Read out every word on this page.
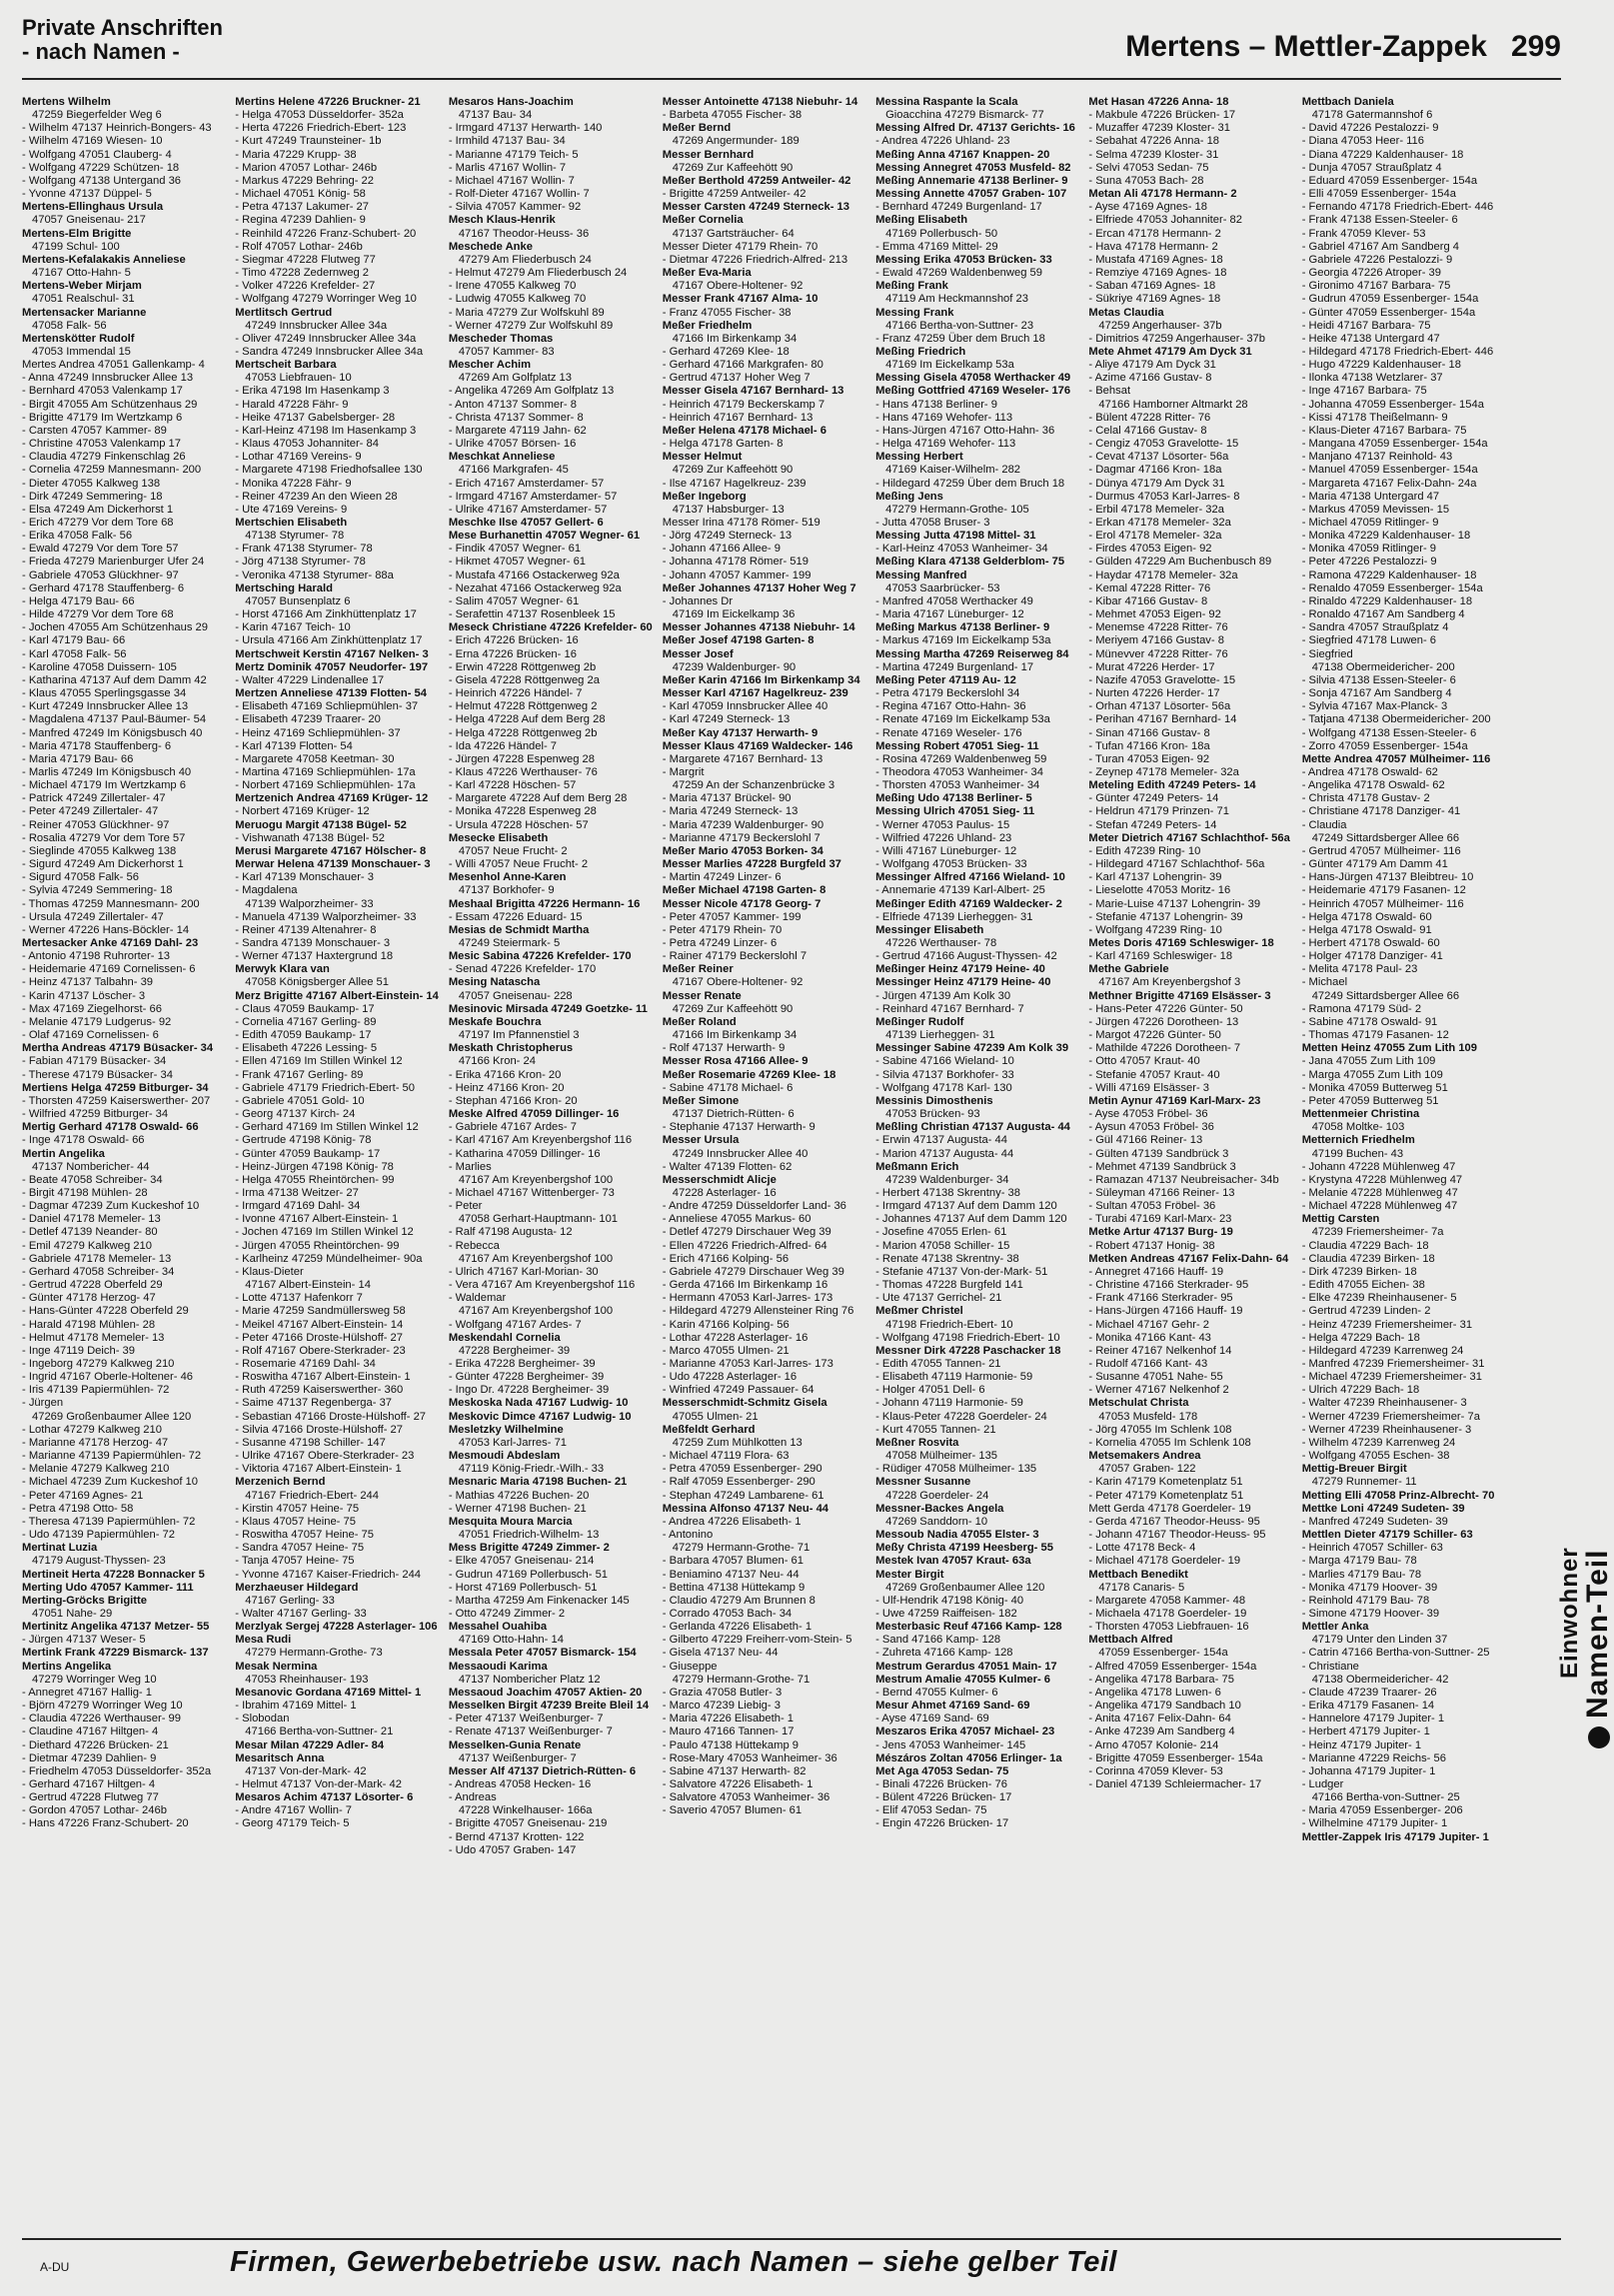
Private Anschriften
- nach Namen -	Mertens – Mettler-Zappek 299
Mertens Wilhelm
47259 Biegerfelder Weg 6
- Wilhelm 47137 Heinrich-Bongers- 43
- Wilhelm 47169 Wiesen- 10
- Wolfgang 47051 Clauberg- 4
- Wolfgang 47229 Schützen- 18
- Wolfgang 47138 Untergand 36
- Yvonne 47137 Düppel- 5
Mertens-Ellinghaus Ursula
47057 Gneisenau- 217
Mertens-Elm Brigitte
47199 Schul- 100
Mertens-Kefalakakis Anneliese
47167 Otto-Hahn- 5
Mertens-Weber Mirjam
47051 Realschul- 31
Mertensacker Marianne
47058 Falk- 56
Mertenskötter Rudolf
47053 Immendal 15
Mertes Andrea 47051 Gallenkamp- 4
- Anna 47249 Innsbrucker Allee 13
- Bernhard 47053 Valenkamp 17
- Birgit 47055 Am Schützenhaus 29
- Brigitte 47179 Im Wertzkamp 6
- Carsten 47057 Kammer- 89
- Christine 47053 Valenkamp 17
- Claudia 47279 Finkenschlag 26
- Cornelia 47259 Mannesmann- 200
- Dieter 47055 Kalkweg 138
- Dirk 47249 Semmering- 18
- Elsa 47249 Am Dickerhorst 1
- Erich 47279 Vor dem Tore 68
- Erika 47058 Falk- 56
- Ewald 47279 Vor dem Tore 57
- Frieda 47279 Marienburger Ufer 24
- Gabriele 47053 Glückhner- 97
- Gerhard 47178 Stauffenberg- 6
- Helga 47179 Bau- 66
- Hilde 47279 Vor dem Tore 68
- Jochen 47055 Am Schützenhaus 29
- Karl 47179 Bau- 66
- Karl 47058 Falk- 56
- Karoline 47058 Duissern- 105
- Katharina 47137 Auf dem Damm 42
- Klaus 47055 Sperlingsgasse 34
- Kurt 47249 Innsbrucker Allee 13
- Magdalena 47137 Paul-Bäumer- 54
- Manfred 47249 Im Königsbusch 40
- Maria 47178 Stauffenberg- 6
- Maria 47179 Bau- 66
- Marlis 47249 Im Königsbusch 40
- Michael 47179 Im Wertzkamp 6
- Patrick 47249 Zillertaler- 47
- Peter 47249 Zillertaler- 47
- Reiner 47053 Glückhner- 97
- Rosalia 47279 Vor dem Tore 57
- Sieglinde 47055 Kalkweg 138
- Sigurd 47249 Am Dickerhorst 1
- Sigurd 47058 Falk- 56
- Sylvia 47249 Semmering- 18
- Thomas 47259 Mannesmann- 200
- Ursula 47249 Zillertaler- 47
- Werner 47226 Hans-Böckler- 14
Mertesacker Anke 47169 Dahl- 23
- Antonio 47198 Ruhrorter- 13
- Heidemarie 47169 Cornelissen- 6
- Heinz 47137 Talbahn- 39
- Karin 47137 Löscher- 3
- Max 47169 Ziegelhorst- 66
- Melanie 47179 Ludgerus- 92
- Olaf 47169 Cornelissen- 6
Mertha Andreas 47179 Büsacker- 34
- Fabian 47179 Büsacker- 34
- Therese 47179 Büsacker- 34
Mertiens Helga 47259 Bitburger- 34
- Thorsten 47259 Kaiserswerther- 207
- Wilfried 47259 Bitburger- 34
Mertig Gerhard 47178 Oswald- 66
- Inge 47178 Oswald- 66
Mertin Angelika
47137 Nombericher- 44
- Beate 47058 Schreiber- 34
- Birgit 47198 Mühlen- 28
- Dagmar 47239 Zum Kuckeshof 10
- Daniel 47178 Memeler- 13
- Detlef 47139 Neander- 80
- Emil 47279 Kalkweg 210
- Gabriele 47178 Memeler- 13
- Gerhard 47058 Schreiber- 34
- Gertrud 47228 Oberfeld 29
- Günter 47178 Herzog- 47
- Hans-Günter 47228 Oberfeld 29
- Harald 47198 Mühlen- 28
- Helmut 47178 Memeler- 13
- Inge 47119 Deich- 39
- Ingeborg 47279 Kalkweg 210
- Ingrid 47167 Oberle-Holtener- 46
- Iris 47139 Papiermühlen- 72
- Jürgen
47269 Großenbaumer Allee 120
- Lothar 47279 Kalkweg 210
- Marianne 47178 Herzog- 47
- Marianne 47139 Papiermühlen- 72
- Melanie 47279 Kalkweg 210
- Michael 47239 Zum Kuckeshof 10
- Peter 47169 Agnes- 21
- Petra 47198 Otto- 58
- Theresa 47139 Papiermühlen- 72
- Udo 47139 Papiermühlen- 72
Mertinat Luzia
47179 August-Thyssen- 23
Mertineit Herta 47228 Bonnacker 5
Merting Udo 47057 Kammer- 111
Merting-Gröcks Brigitte
47051 Nahe- 29
Mertinitz Angelika 47137 Metzer- 55
- Jürgen 47137 Weser- 5
Mertink Frank 47229 Bismarck- 137
Mertins Angelika
47279 Worringer Weg 10
- Annegret 47167 Hallig- 1
- Björn 47279 Worringer Weg 10
- Claudia 47226 Werthauser- 99
- Claudine 47167 Hiltgen- 4
- Diethard 47226 Brücken- 21
- Dietmar 47239 Dahlien- 9
- Friedhelm 47053 Düsseldorfer- 352a
- Gerhard 47167 Hiltgen- 4
- Gertrud 47228 Flutweg 77
- Gordon 47057 Lothar- 246b
- Hans 47226 Franz-Schubert- 20
Mertins Helene 47226 Bruckner- 21
- Helga 47053 Düsseldorfer- 352a
- Herta 47226 Friedrich-Ebert- 123
- Kurt 47249 Traunsteiner- 1b
- Maria 47229 Krupp- 38
- Marion 47057 Lothar- 246b
- Markus 47229 Behring- 22
- Michael 47051 König- 58
- Petra 47137 Lakumer- 27
- Regina 47239 Dahlien- 9
- Reinhild 47226 Franz-Schubert- 20
- Rolf 47057 Lothar- 246b
- Siegmar 47228 Flutweg 77
- Timo 47228 Zedernweg 2
- Volker 47226 Krefelder- 27
- Wolfgang 47279 Worringer Weg 10
Mertlitsch Gertrud
47249 Innsbrucker Allee 34a
- Oliver 47249 Innsbrucker Allee 34a
- Sandra 47249 Innsbrucker Allee 34a
Mertscheit Barbara
47053 Liebfrauen- 10
- Erika 47198 Im Hasenkamp 3
- Harald 47228 Fähr- 9
- Heike 47137 Gabelsberger- 28
- Karl-Heinz 47198 Im Hasenkamp 3
- Klaus 47053 Johanniter- 84
- Lothar 47169 Vereins- 9
- Margarete 47198 Friedhofsallee 130
- Monika 47228 Fähr- 9
- Reiner 47239 An den Wieen 28
- Ute 47169 Vereins- 9
Mertschien Elisabeth
47138 Styrumer- 78
- Frank 47138 Styrumer- 78
- Jörg 47138 Styrumer- 78
- Veronika 47138 Styrumer- 88a
Mertsching Harald
47057 Bunsenplatz 6
- Horst 47166 Am Zinkhüttenplatz 17
- Karin 47167 Teich- 10
- Ursula 47166 Am Zinkhüttenplatz 17
Mertschweit Kerstin 47167 Nelken- 3
Mertz Dominik 47057 Neudorfer- 197
- Walter 47229 Lindenallee 17
Mertzen Anneliese 47139 Flotten- 54
- Elisabeth 47169 Schliepmühlen- 37
- Elisabeth 47239 Traarer- 20
- Heinz 47169 Schliepmühlen- 37
- Karl 47139 Flotten- 54
- Margarete 47058 Keetman- 30
- Martina 47169 Schliepmühlen- 17a
- Norbert 47169 Schliepmühlen- 17a
Mertzenich Andrea 47169 Krüger- 12
- Norbert 47169 Krüger- 12
Meruogu Margit 47138 Bügel- 52
- Vishwanath 47138 Bügel- 52
Merusi Margarete 47167 Hölscher- 8
Merwar Helena 47139 Monschauer- 3
- Karl 47139 Monschauer- 3
- Magdalena
47139 Walporzheimer- 33
- Manuela 47139 Walporzheimer- 33
- Reiner 47139 Altenahrer- 8
- Sandra 47139 Monschauer- 3
- Werner 47137 Haxtergrund 18
Merwyk Klara van
47058 Königsberger Allee 51
Merz Brigitte 47167 Albert-Einstein- 14
- Claus 47059 Baukamp- 17
- Cornelia 47167 Gerling- 89
- Edith 47059 Baukamp- 17
- Elisabeth 47226 Lessing- 5
- Ellen 47169 Im Stillen Winkel 12
- Frank 47167 Gerling- 89
- Gabriele 47179 Friedrich-Ebert- 50
- Gabriele 47051 Gold- 10
- Georg 47137 Kirch- 24
- Gerhard 47169 Im Stillen Winkel 12
- Gertrude 47198 König- 78
- Günter 47059 Baukamp- 17
- Heinz-Jürgen 47198 König- 78
- Helga 47055 Rheintörchen- 99
- Irma 47138 Weitzer- 27
- Irmgard 47169 Dahl- 34
- Ivonne 47167 Albert-Einstein- 1
- Jochen 47169 Im Stillen Winkel 12
- Jürgen 47055 Rheintörchen- 99
- Karlheinz 47259 Mündelheimer- 90a
- Klaus-Dieter
47167 Albert-Einstein- 14
- Lotte 47137 Hafenkorr 7
- Marie 47259 Sandmüllersweg 58
- Meikel 47167 Albert-Einstein- 14
- Peter 47166 Droste-Hülshoff- 27
- Rolf 47167 Obere-Sterkrader- 23
- Rosemarie 47169 Dahl- 34
- Roswitha 47167 Albert-Einstein- 1
- Ruth 47259 Kaiserswerther- 360
- Saime 47137 Regenberga- 37
- Sebastian 47166 Droste-Hülshoff- 27
- Silvia 47166 Droste-Hülshoff- 27
- Susanne 47198 Schiller- 147
- Ulrike 47167 Obere-Sterkrader- 23
- Viktoria 47167 Albert-Einstein- 1
Merzenich Bernd
47167 Friedrich-Ebert- 244
- Kirstin 47057 Heine- 75
- Klaus 47057 Heine- 75
- Roswitha 47057 Heine- 75
- Sandra 47057 Heine- 75
- Tanja 47057 Heine- 75
- Yvonne 47167 Kaiser-Friedrich- 244
Merzhaeuser Hildegard
47167 Gerling- 33
- Walter 47167 Gerling- 33
Merzlyak Sergej 47228 Asterlager- 106
Mesa Rudi
47279 Hermann-Grothe- 73
Mesak Nermina
47053 Rheinhauser- 193
Mesanovic Gordana 47169 Mittel- 1
- Ibrahim 47169 Mittel- 1
- Slobodan
47166 Bertha-von-Suttner- 21
Mesar Milan 47229 Adler- 84
Mesaritsch Anna
47137 Von-der-Mark- 42
- Helmut 47137 Von-der-Mark- 42
Mesaros Achim 47137 Lösorter- 6
- Andre 47167 Wollin- 7
- Georg 47179 Teich- 5
Mesaros Hans-Joachim
47137 Bau- 34
- Irmgard 47137 Herwarth- 140
- Irmhild 47137 Bau- 34
- Marianne 47179 Teich- 5
- Marlis 47167 Wollin- 7
- Michael 47167 Wollin- 7
- Rolf-Dieter 47167 Wollin- 7
- Silvia 47057 Kammer- 92
Mesch Klaus-Henrik
47167 Theodor-Heuss- 36
Meschede Anke
47279 Am Fliederbusch 24
- Helmut 47279 Am Fliederbusch 24
- Irene 47055 Kalkweg 70
- Ludwig 47055 Kalkweg 70
- Maria 47279 Zur Wolfskuhl 89
- Werner 47279 Zur Wolfskuhl 89
Mescheder Thomas
47057 Kammer- 83
Mescher Achim
47269 Am Golfplatz 13
- Angelika 47269 Am Golfplatz 13
- Anton 47137 Sommer- 8
- Christa 47137 Sommer- 8
- Margarete 47119 Jahn- 62
- Ulrike 47057 Börsen- 16
Meschkat Anneliese
47166 Markgrafen- 45
- Erich 47167 Amsterdamer- 57
- Irmgard 47167 Amsterdamer- 57
- Ulrike 47167 Amsterdamer- 57
Meschke Ilse 47057 Gellert- 6
Mese Burhanettin 47057 Wegner- 61
- Findik 47057 Wegner- 61
- Hikmet 47057 Wegner- 61
- Mustafa 47166 Ostackerweg 92a
- Nezahat 47166 Ostackerweg 92a
- Salim 47057 Wegner- 61
- Serafettin 47137 Rosenbleek 15
Meseck Christiane 47226 Krefelder- 60
- Erich 47226 Brücken- 16
- Erna 47226 Brücken- 16
- Erwin 47228 Röttgenweg 2b
- Gisela 47228 Röttgenweg 2a
- Heinrich 47226 Händel- 7
- Helmut 47228 Röttgenweg 2
- Helga 47228 Auf dem Berg 28
- Helga 47228 Röttgenweg 2b
- Ida 47226 Händel- 7
- Jürgen 47228 Espenweg 28
- Klaus 47226 Werthauser- 76
- Karl 47228 Höschen- 57
- Margarete 47228 Auf dem Berg 28
- Monika 47228 Espenweg 28
- Ursula 47228 Höschen- 57
Mesecke Elisabeth
47057 Neue Frucht- 2
- Willi 47057 Neue Frucht- 2
Mesenhol Anne-Karen
47137 Borkhofer- 9
Meshaal Brigitta 47226 Hermann- 16
- Essam 47226 Eduard- 15
Mesias de Schmidt Martha
47249 Steiermark- 5
Mesic Sabina 47226 Krefelder- 170
- Senad 47226 Krefelder- 170
Mesing Natascha
47057 Gneisenau- 228
Mesinovic Mirsada 47249 Goetzke- 11
Meskafe Bouchra
47197 Im Pfannenstiel 3
Meskath Christopherus
47166 Kron- 24
- Erika 47166 Kron- 20
- Heinz 47166 Kron- 20
- Stephan 47166 Kron- 20
Meske Alfred 47059 Dillinger- 16
- Gabriele 47167 Ardes- 7
- Karl 47167 Am Kreyenbergshof 116
- Katharina 47059 Dillinger- 16
- Marlies
47167 Am Kreyenbergshof 100
- Michael 47167 Wittenberger- 73
- Peter
47058 Gerhart-Hauptmann- 101
- Ralf 47198 Augusta- 12
- Rebecca
47167 Am Kreyenbergshof 100
- Ulrich 47167 Karl-Morian- 30
- Vera 47167 Am Kreyenbergshof 116
- Waldemar
47167 Am Kreyenbergshof 100
- Wolfgang 47167 Ardes- 7
Meskendahl Cornelia
47228 Bergheimer- 39
- Erika 47228 Bergheimer- 39
- Günter 47228 Bergheimer- 39
- Ingo Dr. 47228 Bergheimer- 39
Meskoska Nada 47167 Ludwig- 10
Meskovic Dimce 47167 Ludwig- 10
Mesletzky Wilhelmine
47053 Karl-Jarres- 71
Mesmoudi Abdeslam
47119 König-Friedr.-Wilh.- 33
Mesnaric Maria 47198 Buchen- 21
- Mathias 47226 Buchen- 20
- Werner 47198 Buchen- 21
Mesquita Moura Marcia
47051 Friedrich-Wilhelm- 13
Mess Brigitte 47249 Zimmer- 2
- Elke 47057 Gneisenau- 214
- Gudrun 47169 Pollerbusch- 51
- Horst 47169 Pollerbusch- 51
- Martha 47259 Am Finkenacker 145
- Otto 47249 Zimmer- 2
Messahel Ouahiba
47169 Otto-Hahn- 14
Messala Peter 47057 Bismarck- 154
Messaoudi Karima
47137 Nombericher Platz 12
Messaoud Joachim 47057 Aktien- 20
Messelken Birgit 47239 Breite Bleil 14
- Peter 47137 Weißenburger- 7
- Renate 47137 Weißenburger- 7
Messelken-Gunia Renate
47137 Weißenburger- 7
Messer Alf 47137 Dietrich-Rütten- 6
- Andreas 47058 Hecken- 16
- Andreas
47228 Winkelhauser- 166a
- Brigitte 47057 Gneisenau- 219
- Bernd 47137 Krotten- 122
- Udo 47057 Graben- 147
Messer Antoinette 47138 Niebuhr- 14
- Barbeta 47055 Fischer- 38
Meßer Bernd
47269 Angermunder- 189
Messer Bernhard
47269 Zur Kaffeehött 90
Meßer Berthold 47259 Antweiler- 42
- Brigitte 47259 Antweiler- 42
Messer Carsten 47249 Sterneck- 13
Meßer Cornelia
47137 Gartsträucher- 64
Messer Dieter 47179 Rhein- 70
- Dietmar 47226 Friedrich-Alfred- 213
Meßer Eva-Maria
47167 Obere-Holtener- 92
Messer Frank 47167 Alma- 10
- Franz 47055 Fischer- 38
Meßer Friedhelm
47166 Im Birkenkamp 34
- Gerhard 47269 Klee- 18
- Gerhard 47166 Markgrafen- 80
- Gertrud 47137 Hoher Weg 7
Messer Gisela 47167 Bernhard- 13
- Heinrich 47179 Beckerskamp 7
- Heinrich 47167 Bernhard- 13
Meßer Helena 47178 Michael- 6
- Helga 47178 Garten- 8
Messer Helmut
47269 Zur Kaffeehött 90
- Ilse 47167 Hagelkreuz- 239
Meßer Ingeborg
47137 Habsburger- 13
Messer Irina 47178 Römer- 519
- Jörg 47249 Sterneck- 13
- Johann 47166 Allee- 9
- Johanna 47178 Römer- 519
- Johann 47057 Kammer- 199
Meßer Johannes 47137 Hoher Weg 7
- Johannes Dr
47169 Im Eickelkamp 36
Messer Johannes 47138 Niebuhr- 14
Meßer Josef 47198 Garten- 8
Messer Josef
47239 Waldenburger- 90
Meßer Karin 47166 Im Birkenkamp 34
Messer Karl 47167 Hagelkreuz- 239
- Karl 47059 Innsbrucker Allee 40
- Karl 47249 Sterneck- 13
Meßer Kay 47137 Herwarth- 9
Messer Klaus 47169 Waldecker- 146
- Margarete 47167 Bernhard- 13
- Margrit
47259 An der Schanzenbrücke 3
- Maria 47137 Brückel- 90
- Maria 47249 Sterneck- 13
- Maria 47239 Waldenburger- 90
- Marianne 47179 Beckerslohl 7
Meßer Mario 47053 Borken- 34
Messer Marlies 47228 Burgfeld 37
- Martin 47249 Linzer- 6
Meßer Michael 47198 Garten- 8
Messer Nicole 47178 Georg- 7
- Peter 47057 Kammer- 199
- Peter 47179 Rhein- 70
- Petra 47249 Linzer- 6
- Rainer 47179 Beckerslohl 7
Meßer Reiner
47167 Obere-Holtener- 92
Messer Renate
47269 Zur Kaffeehött 90
Meßer Roland
47166 Im Birkenkamp 34
- Rolf 47137 Herwarth- 9
Messer Rosa 47166 Allee- 9
Meßer Rosemarie 47269 Klee- 18
- Sabine 47178 Michael- 6
Meßer Simone
47137 Dietrich-Rütten- 6
- Stephanie 47137 Herwarth- 9
Messer Ursula
47249 Innsbrucker Allee 40
- Walter 47139 Flotten- 62
Messerschmidt Alicje
47228 Asterlager- 16
- Andre 47259 Düsseldorfer Land- 36
- Anneliese 47055 Markus- 60
- Detlef 47279 Dirschauer Weg 39
- Ellen 47226 Friedrich-Alfred- 64
- Erich 47166 Kolping- 56
- Gabriele 47279 Dirschauer Weg 39
- Gerda 47166 Im Birkenkamp 16
- Hermann 47053 Karl-Jarres- 173
- Hildegard 47279 Allensteiner Ring 76
- Karin 47166 Kolping- 56
- Lothar 47228 Asterlager- 16
- Marco 47055 Ulmen- 21
- Marianne 47053 Karl-Jarres- 173
- Udo 47228 Asterlager- 16
- Winfried 47249 Passauer- 64
Messerschmidt-Schmitz Gisela
47055 Ulmen- 21
Meßfeldt Gerhard
47259 Zum Mühlkotten 13
- Michael 47119 Flora- 63
- Petra 47059 Essenberger- 290
- Ralf 47059 Essenberger- 290
- Stephan 47249 Lambarene- 61
Messina Alfonso 47137 Neu- 44
- Andrea 47226 Elisabeth- 1
- Antonino
47279 Hermann-Grothe- 71
- Barbara 47057 Blumen- 61
- Beniamino 47137 Neu- 44
- Bettina 47138 Hüttekamp 9
- Claudio 47279 Am Brunnen 8
- Corrado 47053 Bach- 34
- Gerlanda 47226 Elisabeth- 1
- Gilberto 47229 Freiherr-vom-Stein- 5
- Gisela 47137 Neu- 44
- Giuseppe
47279 Hermann-Grothe- 71
- Grazia 47058 Butler- 3
- Marco 47239 Liebig- 3
- Maria 47226 Elisabeth- 1
- Mauro 47166 Tannen- 17
- Paulo 47138 Hüttekamp 9
- Rose-Mary 47053 Wanheimer- 36
- Sabine 47137 Herwarth- 82
- Salvatore 47226 Elisabeth- 1
- Salvatore 47053 Wanheimer- 36
- Saverio 47057 Blumen- 61
Messina Raspante la Scala
Gioacchina 47279 Bismarck- 77
Messing Alfred Dr. 47137 Gerichts- 16
- Andrea 47226 Uhland- 23
Meßing Anna 47167 Knappen- 20
Messing Annegret 47053 Musfeld- 82
Meßing Annemarie 47138 Berliner- 9
Messing Annette 47057 Graben- 107
- Bernhard 47249 Burgenland- 17
Meßing Elisabeth
47169 Pollerbusch- 50
- Emma 47169 Mittel- 29
Messing Erika 47053 Brücken- 33
- Ewald 47269 Waldenbenweg 59
Meßing Frank
47119 Am Heckmannshof 23
Messing Frank
47166 Bertha-von-Suttner- 23
- Franz 47259 Über dem Bruch 18
Meßing Friedrich
47169 Im Eickelkamp 53a
Messing Gisela 47058 Werthacker 49
Meßing Gottfried 47169 Weseler- 176
- Hans 47138 Berliner- 9
- Hans 47169 Wehofer- 113
- Hans-Jürgen 47167 Otto-Hahn- 36
- Helga 47169 Wehofer- 113
Messing Herbert
47169 Kaiser-Wilhelm- 282
- Hildegard 47259 Über dem Bruch 18
Meßing Jens
47279 Hermann-Grothe- 105
- Jutta 47058 Bruser- 3
Messing Jutta 47198 Mittel- 31
- Karl-Heinz 47053 Wanheimer- 34
Meßing Klara 47138 Gelderblom- 75
Messing Manfred
47053 Saarbrücker- 53
- Manfred 47058 Werthacker 49
- Maria 47167 Lüneburger- 12
Meßing Markus 47138 Berliner- 9
- Markus 47169 Im Eickelkamp 53a
Messing Martha 47269 Reiserweg 84
- Martina 47249 Burgenland- 17
Meßing Peter 47119 Au- 12
- Petra 47179 Beckerslohl 34
- Regina 47167 Otto-Hahn- 36
- Renate 47169 Im Eickelkamp 53a
- Renate 47169 Weseler- 176
Messing Robert 47051 Sieg- 11
- Rosina 47269 Waldenbenweg 59
- Theodora 47053 Wanheimer- 34
- Thorsten 47053 Wanheimer- 34
Meßing Udo 47138 Berliner- 5
Messing Ulrich 47051 Sieg- 11
- Werner 47053 Paulus- 15
- Wilfried 47226 Uhland- 23
- Willi 47167 Lüneburger- 12
- Wolfgang 47053 Brücken- 33
Messinger Alfred 47166 Wieland- 10
- Annemarie 47139 Karl-Albert- 25
Meßinger Edith 47169 Waldecker- 2
- Elfriede 47139 Lierheggen- 31
Messinger Elisabeth
47226 Werthauser- 78
- Gertrud 47166 August-Thyssen- 42
Meßinger Heinz 47179 Heine- 40
Messinger Heinz 47179 Heine- 40
- Jürgen 47139 Am Kolk 30
- Reinhard 47167 Bernhard- 7
Meßinger Rudolf
47139 Lierheggen- 31
Messinger Sabine 47239 Am Kolk 39
- Sabine 47166 Wieland- 10
- Silvia 47137 Borkhofer- 33
- Wolfgang 47178 Karl- 130
Messinis Dimosthenis
47053 Brücken- 93
Meßling Christian 47137 Augusta- 44
- Erwin 47137 Augusta- 44
- Marion 47137 Augusta- 44
Meßmann Erich
47239 Waldenburger- 34
- Herbert 47138 Skrentny- 38
- Irmgard 47137 Auf dem Damm 120
- Johannes 47137 Auf dem Damm 120
- Josefine 47055 Erlen- 61
- Marion 47058 Schiller- 15
- Renate 47138 Skrentny- 38
- Stefanie 47137 Von-der-Mark- 51
- Thomas 47228 Burgfeld 141
- Ute 47137 Gerrichel- 21
Meßmer Christel
47198 Friedrich-Ebert- 10
- Wolfgang 47198 Friedrich-Ebert- 10
Messner Dirk 47228 Paschacker 18
- Edith 47055 Tannen- 21
- Elisabeth 47119 Harmonie- 59
- Holger 47051 Dell- 6
- Johann 47119 Harmonie- 59
- Klaus-Peter 47228 Goerdeler- 24
- Kurt 47055 Tannen- 21
Meßner Rosvita
47058 Mülheimer- 135
- Rüdiger 47058 Mülheimer- 135
Messner Susanne
47228 Goerdeler- 24
Messner-Backes Angela
47269 Sanddorn- 10
Messoub Nadia 47055 Elster- 3
Meßy Christa 47199 Heesberg- 55
Mestek Ivan 47057 Kraut- 63a
Mester Birgit
47269 Großenbaumer Allee 120
- Ulf-Hendrik 47198 König- 40
- Uwe 47259 Raiffeisen- 182
Mesterbasic Reuf 47166 Kamp- 128
- Sand 47166 Kamp- 128
- Zuhreta 47166 Kamp- 128
Mestrum Gerardus 47051 Main- 17
Mestrum Amalie 47055 Kulmer- 6
- Bernd 47055 Kulmer- 6
Mesur Ahmet 47169 Sand- 69
- Ayse 47169 Sand- 69
Meszaros Erika 47057 Michael- 23
- Jens 47053 Wanheimer- 145
Mészáros Zoltan 47056 Erlinger- 1a
Met Aga 47053 Sedan- 75
- Binali 47226 Brücken- 76
- Bülent 47226 Brücken- 17
- Elif 47053 Sedan- 75
- Engin 47226 Brücken- 17
Met Hasan 47226 Anna- 18
- Makbule 47226 Brücken- 17
- Muzaffer 47239 Kloster- 31
- Sebahat 47226 Anna- 18
- Selma 47239 Kloster- 31
- Selvi 47053 Sedan- 75
- Suna 47053 Bach- 28
Metan Ali 47178 Hermann- 2
- Ayse 47169 Agnes- 18
- Elfriede 47053 Johanniter- 82
- Ercan 47178 Hermann- 2
- Hava 47178 Hermann- 2
- Mustafa 47169 Agnes- 18
- Remziye 47169 Agnes- 18
- Saban 47169 Agnes- 18
- Sükriye 47169 Agnes- 18
Metas Claudia
47259 Angerhauser- 37b
- Dimitrios 47259 Angerhauser- 37b
Mete Ahmet 47179 Am Dyck 31
- Aliye 47179 Am Dyck 31
- Azime 47166 Gustav- 8
- Behsat
47166 Hamborner Altmarkt 28
- Bülent 47228 Ritter- 76
- Celal 47166 Gustav- 8
- Cengiz 47053 Gravelotte- 15
- Cevat 47137 Lösorter- 56a
- Dagmar 47166 Kron- 18a
- Dünya 47179 Am Dyck 31
- Durmus 47053 Karl-Jarres- 8
- Erbil 47178 Memeler- 32a
- Erkan 47178 Memeler- 32a
- Erol 47178 Memeler- 32a
- Firdes 47053 Eigen- 92
- Gülden 47229 Am Buchenbusch 89
- Haydar 47178 Memeler- 32a
- Kemal 47228 Ritter- 76
- Kibar 47166 Gustav- 8
- Mehmet 47053 Eigen- 92
- Menemse 47228 Ritter- 76
- Meriyem 47166 Gustav- 8
- Münevver 47228 Ritter- 76
- Murat 47226 Herder- 17
- Nazife 47053 Gravelotte- 15
- Nurten 47226 Herder- 17
- Orhan 47137 Lösorter- 56a
- Perihan 47167 Bernhard- 14
- Sinan 47166 Gustav- 8
- Tufan 47166 Kron- 18a
- Turan 47053 Eigen- 92
- Zeynep 47178 Memeler- 32a
Meteling Edith 47249 Peters- 14
- Günter 47249 Peters- 14
- Heldrun 47179 Prinzen- 71
- Stefan 47249 Peters- 14
Meter Dietrich 47167 Schlachthof- 56a
- Edith 47239 Ring- 10
- Hildegard 47167 Schlachthof- 56a
- Karl 47137 Lohengrin- 39
- Lieselotte 47053 Moritz- 16
- Marie-Luise 47137 Lohengrin- 39
- Stefanie 47137 Lohengrin- 39
- Wolfgang 47239 Ring- 10
Metes Doris 47169 Schleswiger- 18
- Karl 47169 Schleswiger- 18
Methe Gabriele
47167 Am Kreyenbergshof 3
Methner Brigitte 47169 Elsässer- 3
- Hans-Peter 47226 Günter- 50
- Jürgen 47226 Dorotheen- 13
- Margot 47226 Günter- 50
- Mathilde 47226 Dorotheen- 7
- Otto 47057 Kraut- 40
- Stefanie 47057 Kraut- 40
- Willi 47169 Elsässer- 3
Metin Aynur 47169 Karl-Marx- 23
- Ayse 47053 Fröbel- 36
- Aysun 47053 Fröbel- 36
- Gül 47166 Reiner- 13
- Gülten 47139 Sandbrück 3
- Mehmet 47139 Sandbrück 3
- Ramazan 47137 Neubreisacher- 34b
- Süleyman 47166 Reiner- 13
- Sultan 47053 Fröbel- 36
- Turabi 47169 Karl-Marx- 23
Metke Artur 47137 Burg- 19
- Robert 47137 Honig- 38
Metken Andreas 47167 Felix-Dahn- 64
- Annegret 47166 Hauff- 19
- Christine 47166 Sterkrader- 95
- Frank 47166 Sterkrader- 95
- Hans-Jürgen 47166 Hauff- 19
- Michael 47167 Gehr- 2
- Monika 47166 Kant- 43
- Reiner 47167 Nelkenhof 14
- Rudolf 47166 Kant- 43
- Susanne 47051 Nahe- 55
- Werner 47167 Nelkenhof 2
Metschulat Christa
47053 Musfeld- 178
- Jörg 47055 Im Schlenk 108
- Kornelia 47055 Im Schlenk 108
Metsemakers Andrea
47057 Graben- 122
- Karin 47179 Kometenplatz 51
- Peter 47179 Kometenplatz 51
Mett Gerda 47178 Goerdeler- 19
- Gerda 47167 Theodor-Heuss- 95
- Johann 47167 Theodor-Heuss- 95
- Lotte 47178 Beck- 4
- Michael 47178 Goerdeler- 19
Mettbach Benedikt
47178 Canaris- 5
- Margarete 47058 Kammer- 48
- Michaela 47178 Goerdeler- 19
- Thorsten 47053 Liebfrauen- 16
Mettbach Alfred
47059 Essenberger- 154a
- Alfred 47059 Essenberger- 154a
- Angelika 47178 Barbara- 75
- Angelika 47178 Luwen- 6
- Angelika 47179 Sandbach 10
- Anita 47167 Felix-Dahn- 64
- Anke 47239 Am Sandberg 4
- Arno 47057 Kolonie- 214
- Brigitte 47059 Essenberger- 154a
- Corinna 47059 Klever- 53
- Daniel 47139 Schleiermacher- 17
Mettbach Daniela
47178 Gatermannshof 6
- David 47226 Pestalozzi- 9
- Diana 47053 Heer- 116
- Diana 47229 Kaldenhauser- 18
- Dunja 47057 Straußplatz 4
- Eduard 47059 Essenberger- 154a
- Elli 47059 Essenberger- 154a
- Fernando 47178 Friedrich-Ebert- 446
- Frank 47138 Essen-Steeler- 6
- Frank 47059 Klever- 53
- Gabriel 47167 Am Sandberg 4
- Gabriele 47226 Pestalozzi- 9
- Georgia 47226 Atroper- 39
- Gironimo 47167 Barbara- 75
- Gudrun 47059 Essenberger- 154a
- Günter 47059 Essenberger- 154a
- Heidi 47167 Barbara- 75
- Heike 47138 Untergard 47
- Hildegard 47178 Friedrich-Ebert- 446
- Hugo 47229 Kaldenhauser- 18
- Ilonka 47138 Wetzlarer- 37
- Inge 47167 Barbara- 75
- Johanna 47059 Essenberger- 154a
- Kissi 47178 Theißelmann- 9
- Klaus-Dieter 47167 Barbara- 75
- Mangana 47059 Essenberger- 154a
- Manjano 47137 Reinhold- 43
- Manuel 47059 Essenberger- 154a
- Margareta 47167 Felix-Dahn- 24a
- Maria 47138 Untergard 47
- Markus 47059 Mevissen- 15
- Michael 47059 Ritlinger- 9
- Monika 47229 Kaldenhauser- 18
- Monika 47059 Ritlinger- 9
- Peter 47226 Pestalozzi- 9
- Ramona 47229 Kaldenhauser- 18
- Renaldo 47059 Essenberger- 154a
- Rinaldo 47229 Kaldenhauser- 18
- Ronaldo 47167 Am Sandberg 4
- Sandra 47057 Straußplatz 4
- Siegfried 47178 Luwen- 6
- Siegfried
47138 Obermeidericher- 200
- Silvia 47138 Essen-Steeler- 6
- Sonja 47167 Am Sandberg 4
- Sylvia 47167 Max-Planck- 3
- Tatjana 47138 Obermeidericher- 200
- Wolfgang 47138 Essen-Steeler- 6
- Zorro 47059 Essenberger- 154a
Mette Andrea 47057 Mülheimer- 116
- Andrea 47178 Oswald- 62
- Angelika 47178 Oswald- 62
- Christa 47178 Gustav- 2
- Christiane 47178 Danziger- 41
- Claudia
47249 Sittardsberger Allee 66
- Gertrud 47057 Mülheimer- 116
- Günter 47179 Am Damm 41
- Hans-Jürgen 47137 Bleibtreu- 10
- Heidemarie 47179 Fasanen- 12
- Heinrich 47057 Mülheimer- 116
- Helga 47178 Oswald- 60
- Helga 47178 Oswald- 91
- Herbert 47178 Oswald- 60
- Holger 47178 Danziger- 41
- Melita 47178 Paul- 23
- Michael
47249 Sittardsberger Allee 66
- Ramona 47179 Süd- 2
- Sabine 47178 Oswald- 91
- Thomas 47179 Fasanen- 12
Metten Heinz 47055 Zum Lith 109
- Jana 47055 Zum Lith 109
- Marga 47055 Zum Lith 109
- Monika 47059 Butterweg 51
- Peter 47059 Butterweg 51
Mettenmeier Christina
47058 Moltke- 103
Metternich Friedhelm
47199 Buchen- 43
- Johann 47228 Mühlenweg 47
- Krystyna 47228 Mühlenweg 47
- Melanie 47228 Mühlenweg 47
- Michael 47228 Mühlenweg 47
Mettig Carsten
47239 Friemersheimer- 7a
- Claudia 47229 Bach- 18
- Claudia 47239 Birken- 18
- Dirk 47239 Birken- 18
- Edith 47055 Eichen- 38
- Elke 47239 Rheinhausener- 5
- Gertrud 47239 Linden- 2
- Heinz 47239 Friemersheimer- 31
- Helga 47229 Bach- 18
- Hildegard 47239 Karrenweg 24
- Manfred 47239 Friemersheimer- 31
- Michael 47239 Friemersheimer- 31
- Ulrich 47229 Bach- 18
- Walter 47239 Rheinhausener- 3
- Werner 47239 Friemersheimer- 7a
- Werner 47239 Rheinhausener- 3
- Wilhelm 47239 Karrenweg 24
- Wolfgang 47055 Eschen- 38
Mettig-Breuer Birgit
47279 Runnemer- 11
Metting Elli 47058 Prinz-Albrecht- 70
Mettke Loni 47249 Sudeten- 39
- Manfred 47249 Sudeten- 39
Mettlen Dieter 47179 Schiller- 63
- Heinrich 47057 Schiller- 63
- Marga 47179 Bau- 78
- Marlies 47179 Bau- 78
- Monika 47179 Hoover- 39
- Reinhold 47179 Bau- 78
- Simone 47179 Hoover- 39
Mettler Anka
47179 Unter den Linden 37
- Catrin 47166 Bertha-von-Suttner- 25
- Christiane
47138 Obermeidericher- 42
- Claude 47239 Traarer- 26
- Erika 47179 Fasanen- 14
- Hannelore 47179 Jupiter- 1
- Herbert 47179 Jupiter- 1
- Heinz 47179 Jupiter- 1
- Marianne 47229 Reichs- 56
- Johanna 47179 Jupiter- 1
- Ludger
47166 Bertha-von-Suttner- 25
- Maria 47059 Essenberger- 206
- Wilhelmine 47179 Jupiter- 1
Mettler-Zappek Iris 47179 Jupiter- 1
Einwohner
Namen-Teil
A-DU	Firmen, Gewerbebetriebe usw. nach Namen – siehe gelber Teil
